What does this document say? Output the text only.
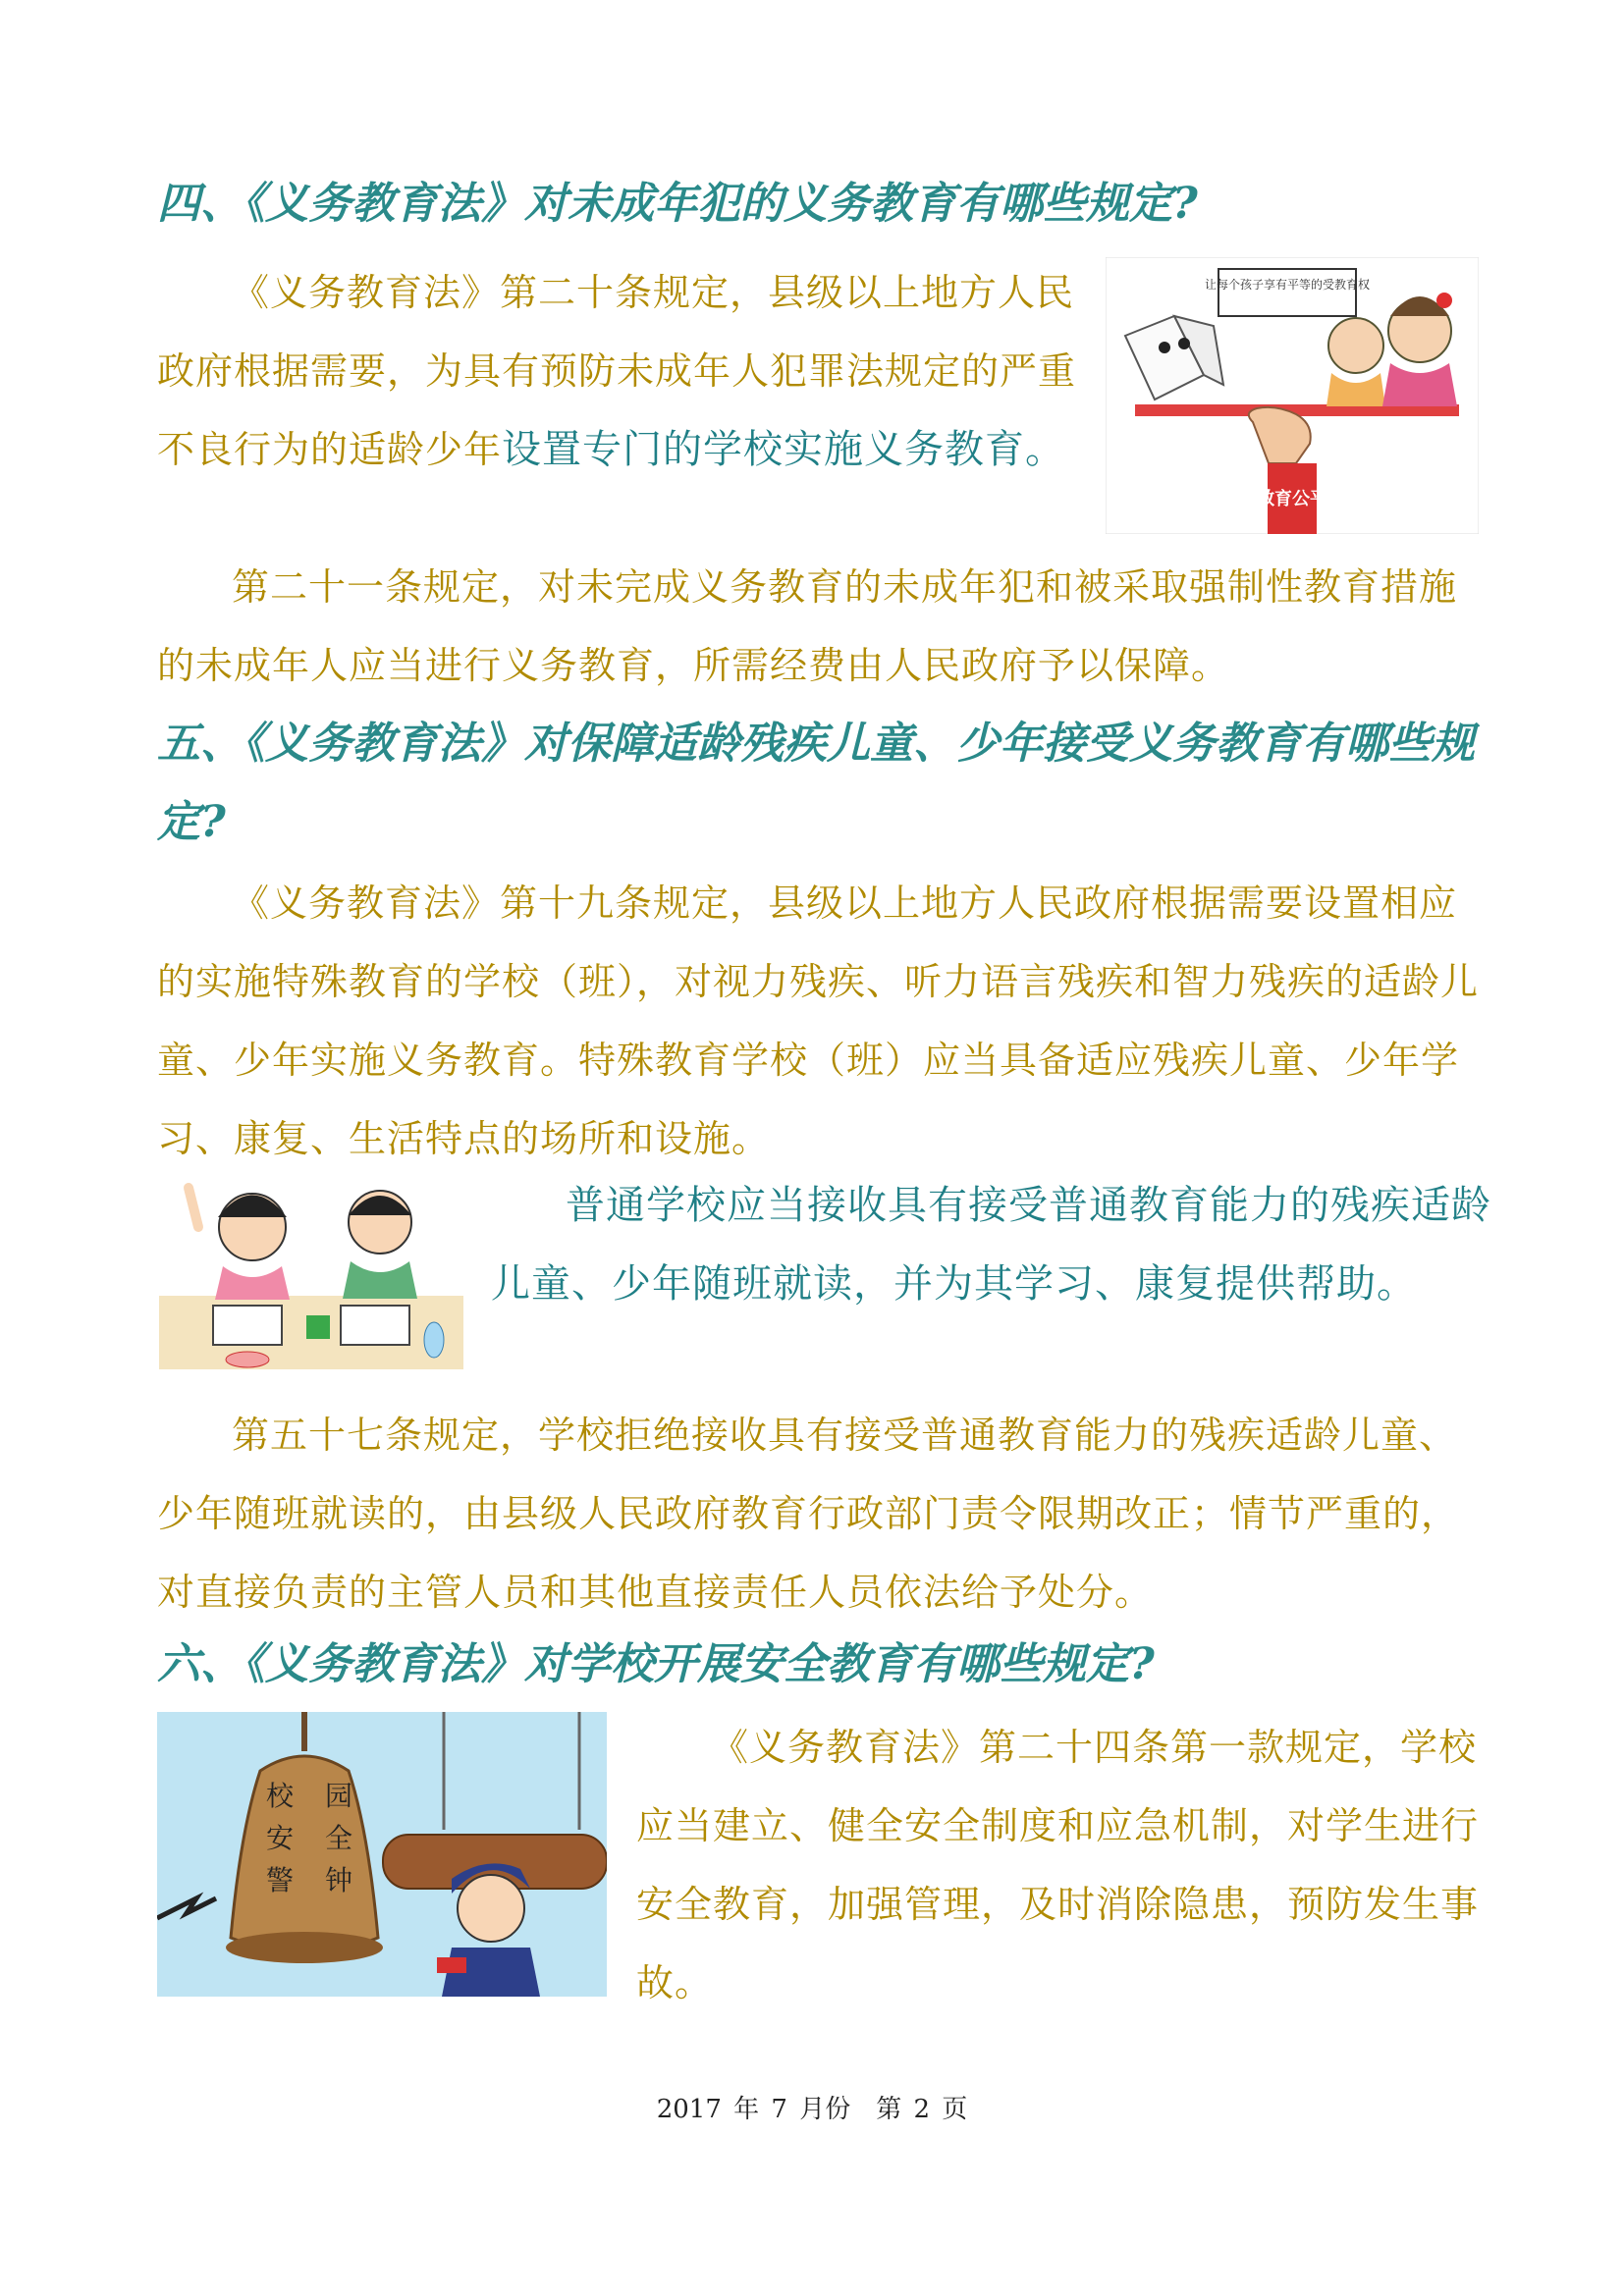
四、《义务教育法》对未成年犯的义务教育有哪些规定?

《义务教育法》第二十条规定，县级以上地方人民政府根据需要，为具有预防未成年人犯罪法规定的严重不良行为的适龄少年设置专门的学校实施义务教育。

教育公平
让每个孩子享有平等的受教育权

第二十一条规定，对未完成义务教育的未成年犯和被采取强制性教育措施的未成年人应当进行义务教育，所需经费由人民政府予以保障。

五、《义务教育法》对保障适龄残疾儿童、少年接受义务教育有哪些规定?

《义务教育法》第十九条规定，县级以上地方人民政府根据需要设置相应的实施特殊教育的学校（班），对视力残疾、听力语言残疾和智力残疾的适龄儿童、少年实施义务教育。特殊教育学校（班）应当具备适应残疾儿童、少年学习、康复、生活特点的场所和设施。

普通学校应当接收具有接受普通教育能力的残疾适龄儿童、少年随班就读，并为其学习、康复提供帮助。

第五十七条规定，学校拒绝接收具有接受普通教育能力的残疾适龄儿童、少年随班就读的，由县级人民政府教育行政部门责令限期改正；情节严重的，对直接负责的主管人员和其他直接责任人员依法给予处分。

六、《义务教育法》对学校开展安全教育有哪些规定?
校 园
安 全
警 钟

《义务教育法》第二十四条第一款规定，学校应当建立、健全安全制度和应急机制，对学生进行安全教育，加强管理，及时消除隐患，预防发生事故。

2017 年 7 月份　第 2 页
